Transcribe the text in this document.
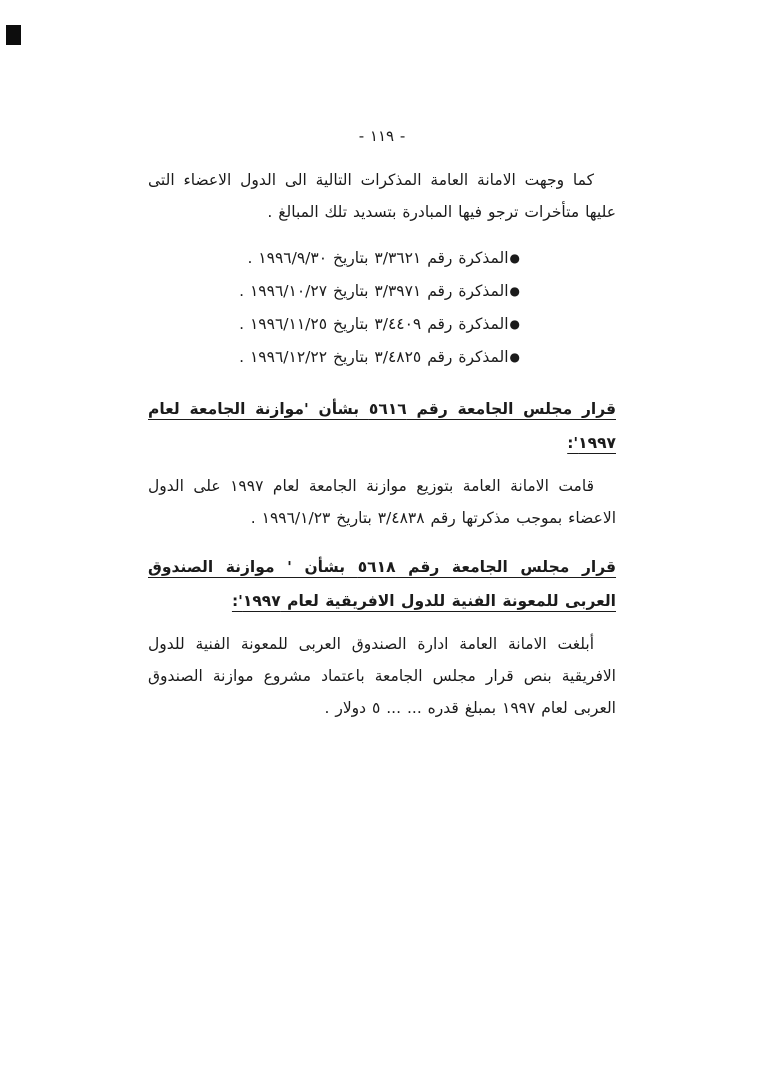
- ١١٩ -

كما وجهت الامانة العامة المذكرات التالية الى الدول الاعضاء التى عليها متأخرات ترجو فيها المبادرة بتسديد تلك المبالغ .

●المذكرة رقم ٣/٣٦٢١ بتاريخ ١٩٩٦/٩/٣٠ .
●المذكرة رقم ٣/٣٩٧١ بتاريخ ١٩٩٦/١٠/٢٧ .
●المذكرة رقم ٣/٤٤٠٩ بتاريخ ١٩٩٦/١١/٢٥ .
●المذكرة رقم ٣/٤٨٢٥ بتاريخ ١٩٩٦/١٢/٢٢ .
قرار مجلس الجامعة رقم ٥٦١٦ بشأن 'موازنة الجامعة لعام ١٩٩٧':

قامت الامانة العامة بتوزيع موازنة الجامعة لعام ١٩٩٧ على الدول الاعضاء بموجب مذكرتها رقم ٣/٤٨٣٨ بتاريخ ١٩٩٦/١/٢٣ .

قرار مجلس الجامعة رقم ٥٦١٨ بشأن ' موازنة الصندوق العربى للمعونة الفنية للدول الافريقية لعام ١٩٩٧':

أبلغت الامانة العامة ادارة الصندوق العربى للمعونة الفنية للدول الافريقية بنص قرار مجلس الجامعة باعتماد مشروع موازنة الصندوق العربى لعام ١٩٩٧ بمبلغ قدره ... ... ٥ دولار .
